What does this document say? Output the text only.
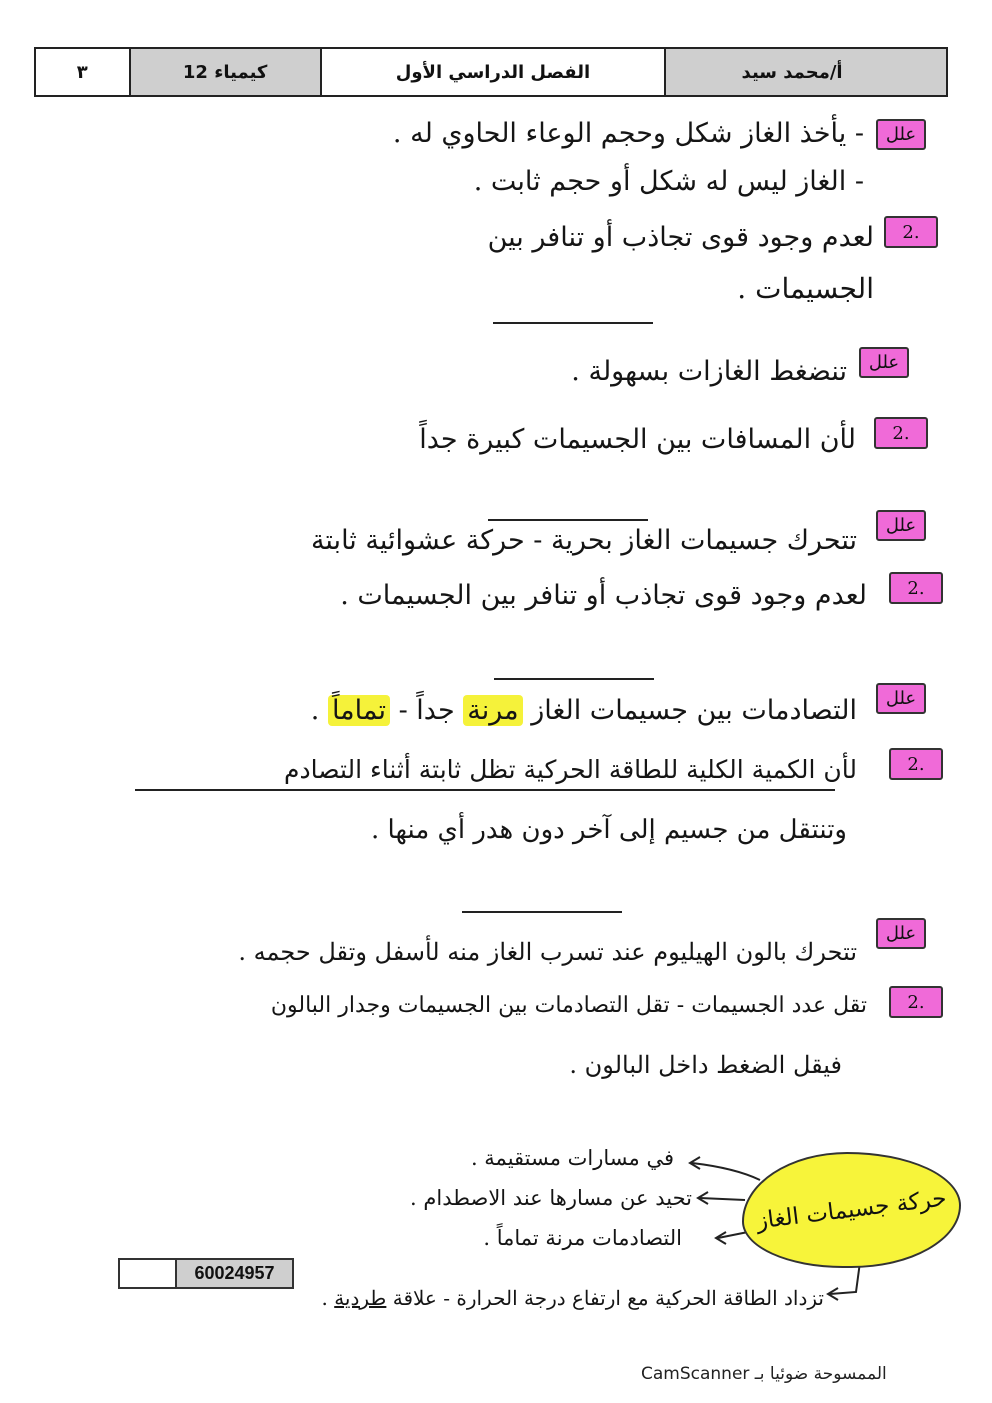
٣	كيمياء 12	الفصل الدراسي الأول	أ/محمد سيد
علل
- يأخذ الغاز شكل وحجم الوعاء الحاوي له .
- الغاز ليس له شكل أو حجم ثابت .
2.
لعدم وجود قوى تجاذب أو تنافر بين
الجسيمات .
علل
تنضغط الغازات بسهولة .
2.
لأن المسافات بين الجسيمات كبيرة جداً
علل
تتحرك جسيمات الغاز بحرية - حركة عشوائية ثابتة
2.
لعدم وجود قوى تجاذب أو تنافر بين الجسيمات .
علل
التصادمات بين جسيمات الغاز مرنة جداً - تماماً .
2.
لأن الكمية الكلية للطاقة الحركية تظل ثابتة أثناء التصادم
وتنتقل من جسيم إلى آخر دون هدر أي منها .
علل
تتحرك بالون الهيليوم عند تسرب الغاز منه لأسفل وتقل حجمه .
2.
تقل عدد الجسيمات - تقل التصادمات بين الجسيمات وجدار البالون
فيقل الضغط داخل البالون .
حركة جسيمات الغاز
في مسارات مستقيمة .
تحيد عن مسارها عند الاصطدام .
التصادمات مرنة تماماً .
تزداد الطاقة الحركية مع ارتفاع درجة الحرارة - علاقة طردية .
60024957
الممسوحة ضوئيا بـ CamScanner
